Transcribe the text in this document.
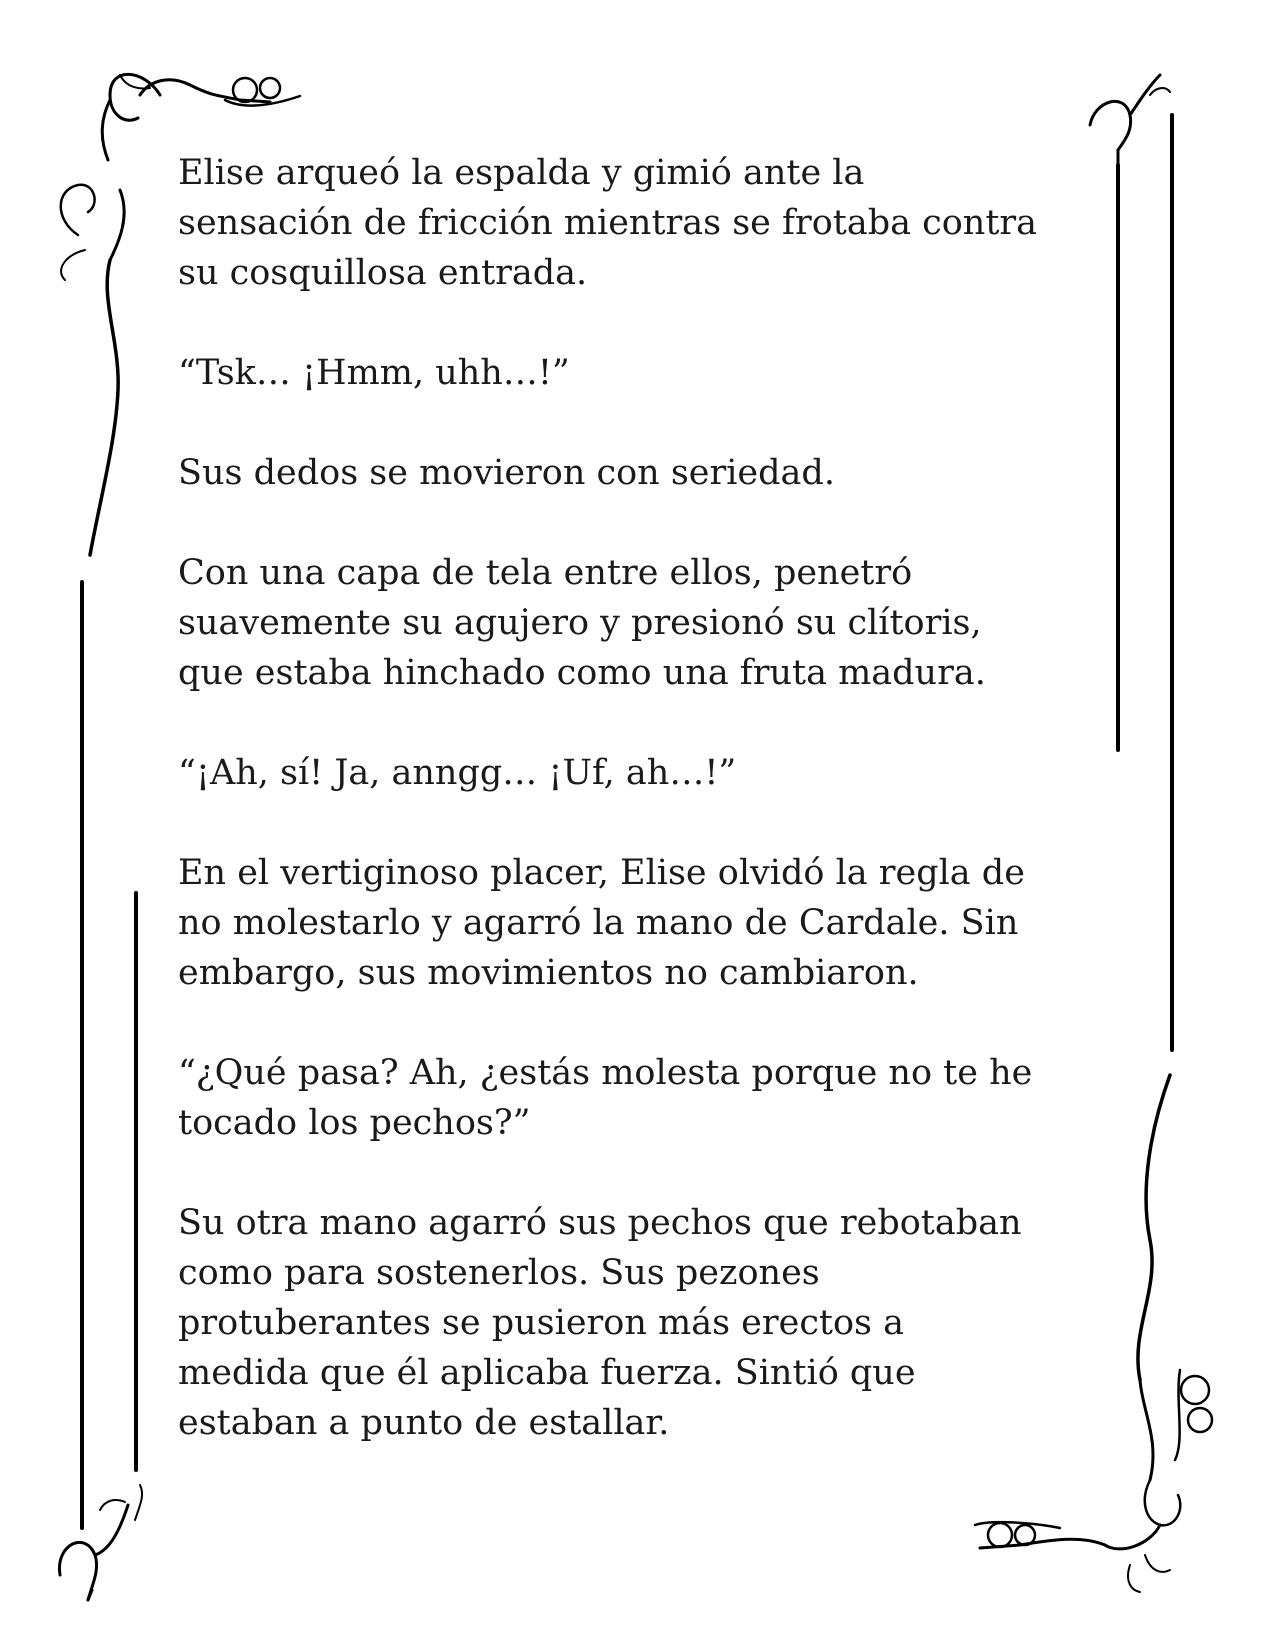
Elise arqueó la espalda y gimió ante la
sensación de fricción mientras se frotaba contra
su cosquillosa entrada.

“Tsk… ¡Hmm, uhh…!”

Sus dedos se movieron con seriedad.

Con una capa de tela entre ellos, penetró
suavemente su agujero y presionó su clítoris,
que estaba hinchado como una fruta madura.

“¡Ah, sí! Ja, anngg… ¡Uf, ah…!”

En el vertiginoso placer, Elise olvidó la regla de
no molestarlo y agarró la mano de Cardale. Sin
embargo, sus movimientos no cambiaron.

“¿Qué pasa? Ah, ¿estás molesta porque no te he
tocado los pechos?”

Su otra mano agarró sus pechos que rebotaban
como para sostenerlos. Sus pezones
protuberantes se pusieron más erectos a
medida que él aplicaba fuerza. Sintió que
estaban a punto de estallar.
